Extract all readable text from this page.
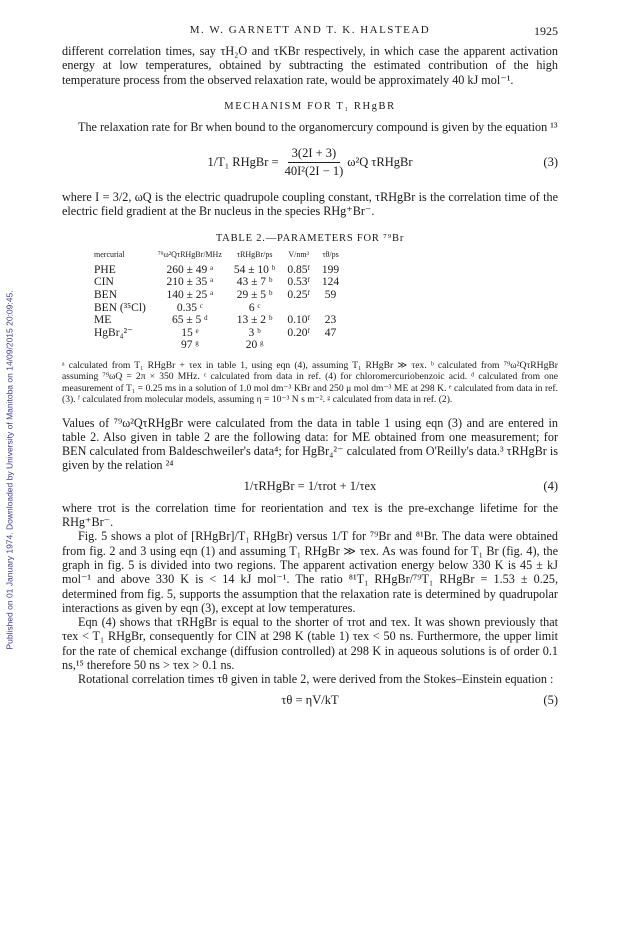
Published on 01 January 1974. Downloaded by University of Manitoba on 14/09/2015 20:09:45.
M. W. GARNETT AND T. K. HALSTEAD	1925

different correlation times, say τH₂O and τKBr respectively, in which case the apparent activation energy at low temperatures, obtained by subtracting the estimated contribution of the high temperature process from the observed relaxation rate, would be approximately 40 kJ mol⁻¹.

MECHANISM FOR T₁ RHgBR

The relaxation rate for Br when bound to the organomercury compound is given by the equation ¹³

1/T₁ RHgBr = $\frac{3(2I + 3)}{\text{40I²(2I − 1)}} \omega^2Q$ τRHgBr	(3)

where I = 3/2, ωQ is the electric quadrupole coupling constant, τRHgBr is the correlation time of the electric field gradient at the Br nucleus in the species RHg⁺Br⁻.

TABLE 2.—PARAMETERS FOR ⁷⁹Br
mercurial	⁷⁹ω²QτRHgBr/MHz	τRHgBr/ps	V/nm³	τθ/ps
PHE	260 ± 49 ᵃ	54 ± 10 ᵇ	0.85ᶠ	199
CIN	210 ± 35 ᵃ	43 ± 7 ᵇ	0.53ᶠ	124
BEN	140 ± 25 ᵃ	29 ± 5 ᵇ	0.25ᶠ	59
BEN (³⁵Cl)	0.35 ᶜ	6 ᶜ		
ME	65 ± 5 ᵈ	13 ± 2 ᵇ	0.10ᶠ	23
HgBr₄²⁻	15 ᵉ	3 ᵇ	0.20ᶠ	47
	97 ᵍ	20 ᵍ		
ᵃ calculated from T₁ RHgBr + τex in table 1, using eqn (4), assuming T₁ RHgBr ≫ τex. ᵇ calculated from ⁷⁹ω²QτRHgBr assuming ⁷⁹ωQ = 2π × 350 MHz. ᶜ calculated from data in ref. (4) for chloromercuriobenzoic acid. ᵈ calculated from one measurement of T₁ = 0.25 ms in a solution of 1.0 mol dm⁻³ KBr and 250 μ mol dm⁻³ ME at 298 K. ᵉ calculated from data in ref. (3). ᶠ calculated from molecular models, assuming η = 10⁻³ N s m⁻². ᵍ calculated from data in ref. (2).

Values of ⁷⁹ω²QτRHgBr were calculated from the data in table 1 using eqn (3) and are entered in table 2. Also given in table 2 are the following data: for ME obtained from one measurement; for BEN calculated from Baldeschweiler's data⁴; for HgBr₄²⁻ calculated from O'Reilly's data.³ τRHgBr is given by the relation ²⁴

1/τRHgBr = 1/τrot + 1/τex	(4)

where τrot is the correlation time for reorientation and τex is the pre-exchange lifetime for the RHg⁺Br⁻.

Fig. 5 shows a plot of [RHgBr]/T₁ RHgBr) versus 1/T for ⁷⁹Br and ⁸¹Br. The data were obtained from fig. 2 and 3 using eqn (1) and assuming T₁ RHgBr ≫ τex. As was found for T₁ Br (fig. 4), the graph in fig. 5 is divided into two regions. The apparent activation energy below 330 K is 45 ± kJ mol⁻¹ and above 330 K is < 14 kJ mol⁻¹. The ratio ⁸¹T₁ RHgBr/⁷⁹T₁ RHgBr = 1.53 ± 0.25, determined from fig. 5, supports the assumption that the relaxation rate is determined by quadrupolar interactions as given by eqn (3), except at low temperatures.

Eqn (4) shows that τRHgBr is equal to the shorter of τrot and τex. It was shown previously that τex < T₁ RHgBr, consequently for CIN at 298 K (table 1) τex < 50 ns. Furthermore, the upper limit for the rate of chemical exchange (diffusion controlled) at 298 K in aqueous solutions is of order 0.1 ns,¹⁵ therefore 50 ns > τex > 0.1 ns.

Rotational correlation times τθ given in table 2, were derived from the Stokes–Einstein equation :

τθ = ηV/kT	(5)
